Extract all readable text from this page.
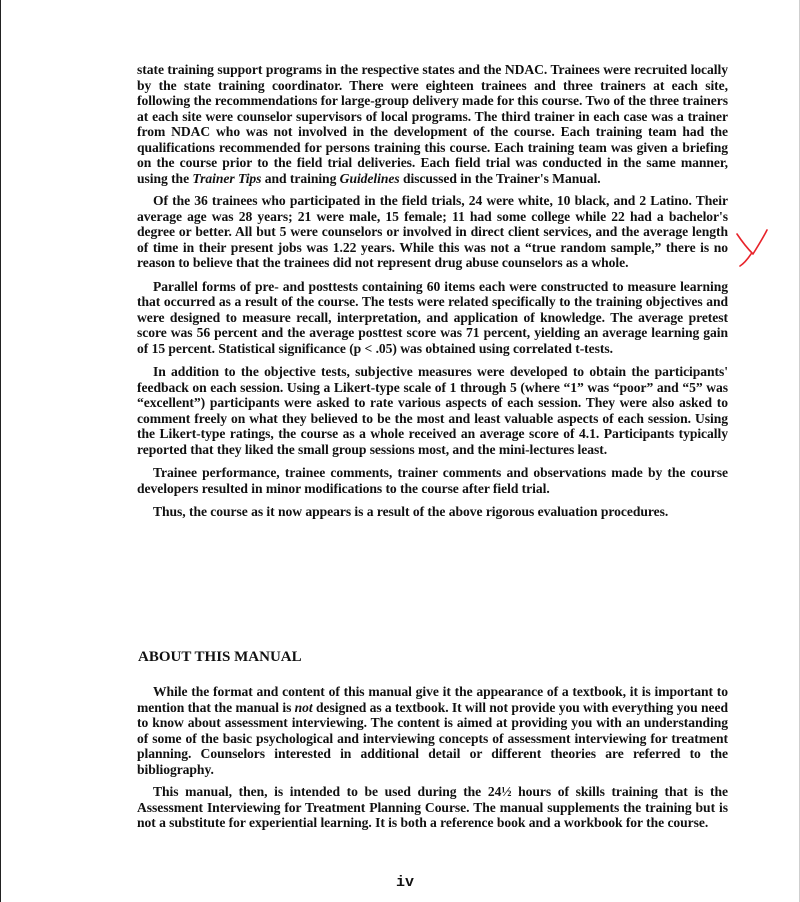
state training support programs in the respective states and the NDAC. Trainees were recruited locally by the state training coordinator. There were eighteen trainees and three trainers at each site, following the recommendations for large-group delivery made for this course. Two of the three trainers at each site were counselor supervisors of local programs. The third trainer in each case was a trainer from NDAC who was not involved in the development of the course. Each training team had the qualifications recommended for persons training this course. Each training team was given a briefing on the course prior to the field trial deliveries. Each field trial was conducted in the same manner, using the Trainer Tips and training Guidelines discussed in the Trainer's Manual.

Of the 36 trainees who participated in the field trials, 24 were white, 10 black, and 2 Latino. Their average age was 28 years; 21 were male, 15 female; 11 had some college while 22 had a bachelor's degree or better. All but 5 were counselors or involved in direct client services, and the average length of time in their present jobs was 1.22 years. While this was not a “true random sample,” there is no reason to believe that the trainees did not represent drug abuse counselors as a whole.

Parallel forms of pre- and posttests containing 60 items each were constructed to measure learning that occurred as a result of the course. The tests were related specifically to the training objectives and were designed to measure recall, interpretation, and application of knowledge. The average pretest score was 56 percent and the average posttest score was 71 percent, yielding an average learning gain of 15 percent. Statistical significance (p < .05) was obtained using correlated t-tests.

In addition to the objective tests, subjective measures were developed to obtain the participants' feedback on each session. Using a Likert-type scale of 1 through 5 (where “1” was “poor” and “5” was “excellent”) participants were asked to rate various aspects of each session. They were also asked to comment freely on what they believed to be the most and least valuable aspects of each session. Using the Likert-type ratings, the course as a whole received an average score of 4.1. Participants typically reported that they liked the small group sessions most, and the mini-lectures least.

Trainee performance, trainee comments, trainer comments and observations made by the course developers resulted in minor modifications to the course after field trial.

Thus, the course as it now appears is a result of the above rigorous evaluation procedures.

ABOUT THIS MANUAL

While the format and content of this manual give it the appearance of a textbook, it is important to mention that the manual is not designed as a textbook. It will not provide you with everything you need to know about assessment interviewing. The content is aimed at providing you with an understanding of some of the basic psychological and interviewing concepts of assessment interviewing for treatment planning. Counselors interested in additional detail or different theories are referred to the bibliography.

This manual, then, is intended to be used during the 24½ hours of skills training that is the Assessment Interviewing for Treatment Planning Course. The manual supplements the training but is not a substitute for experiential learning. It is both a reference book and a workbook for the course.

iv
